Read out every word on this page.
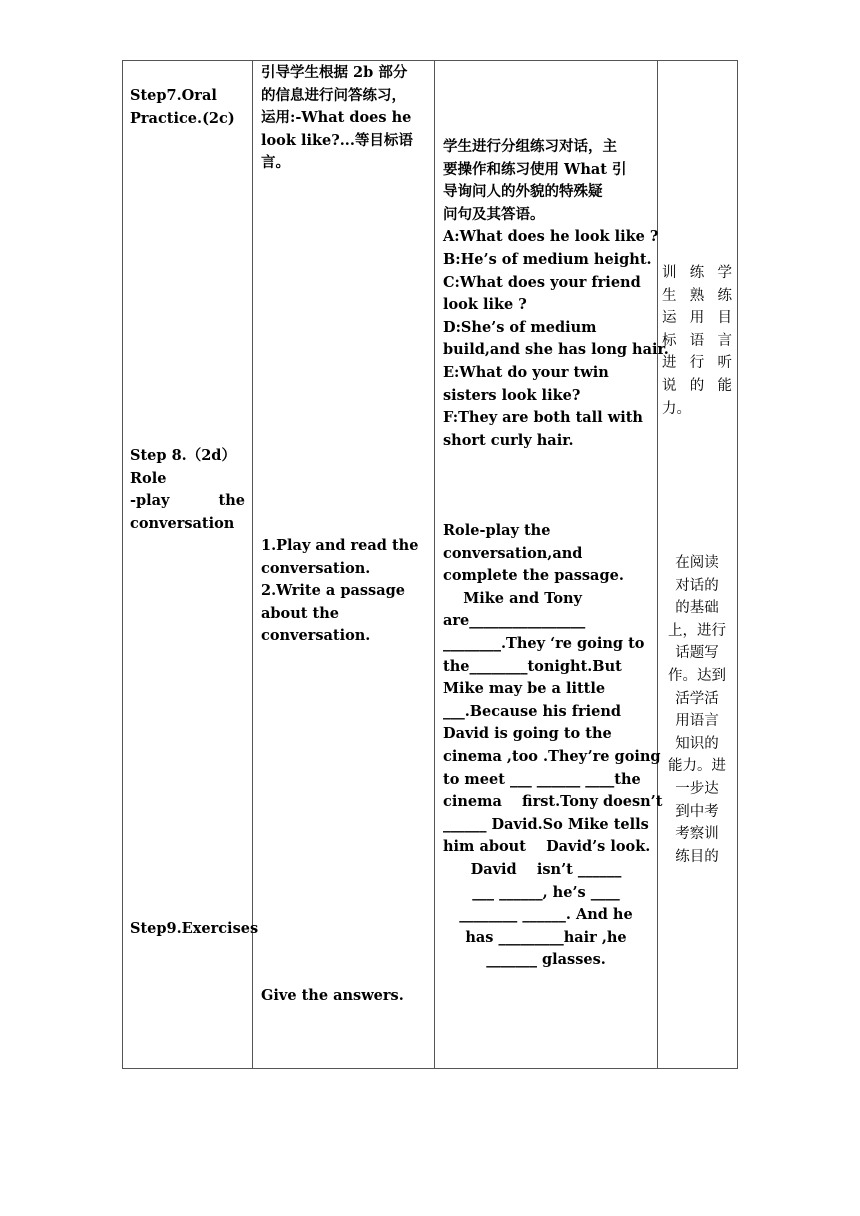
Step7.Oral
Practice.(2c)
Step 8.（2d）
Role
-play	the
conversation
Step9.Exercises
引导学生根据 2b 部分
的信息进行问答练习，
运用:-What does he
look like?...等目标语
言。
1.Play and read the
conversation.
2.Write a passage
about the
conversation.
Give the answers.
学生进行分组练习对话，主
要操作和练习使用 What 引
导询问人的外貌的特殊疑
问句及其答语。
A:What does he look like ?
B:He’s of medium height.
C:What does your friend
look like ?
D:She’s of medium
build,and she has long hair.
E:What do your twin
sisters look like?
F:They are both tall with
short curly hair.
Role-play the
conversation,and
complete the passage.
Mike and Tony
are________________
________.They ‘re going to
the________tonight.But
Mike may be a little
___.Because his friend
David is going to the
cinema ,too .They’re going
to meet ___ ______ ____the
cinema    first.Tony doesn’t
______ David.So Mike tells
him about    David’s look.
David    isn’t ______
___ ______, he’s ____
________ ______. And he
has _________hair ,he
_______ glasses.
训 练 学
生 熟 练
运 用 目
标 语 言
进 行 听
说 的 能
力。
在阅读
对话的
的基础
上，进行
话题写
作。达到
活学活
用语言
知识的
能力。进
一步达
到中考
考察训
练目的
